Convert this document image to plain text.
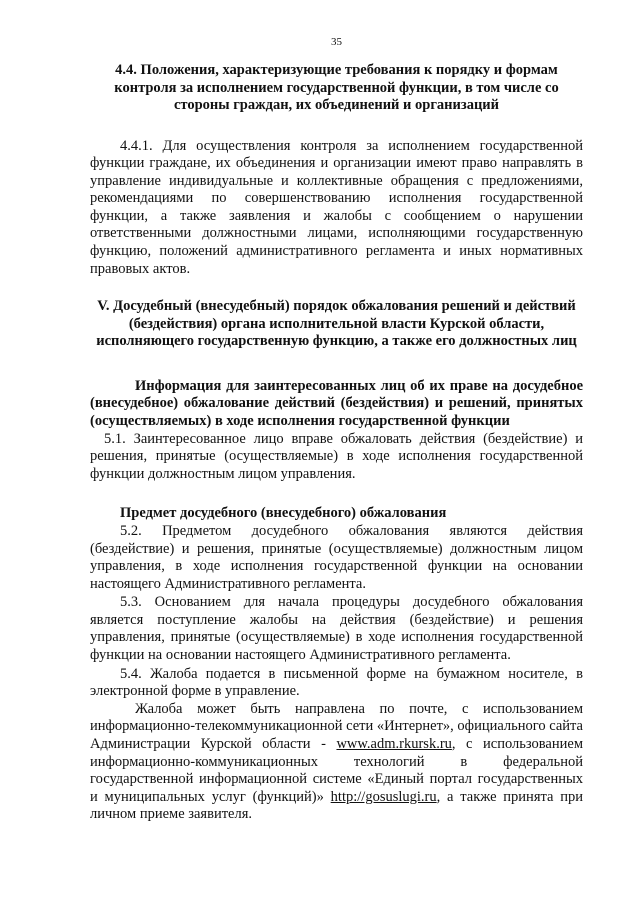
35
4.4. Положения, характеризующие требования к порядку и формам контроля за исполнением государственной функции, в том числе со стороны граждан, их объединений и организаций

4.4.1. Для осуществления контроля за исполнением государственной функции граждане, их объединения и организации имеют право направлять в управление индивидуальные и коллективные обращения с предложениями, рекомендациями по совершенствованию исполнения государственной функции, а также заявления и жалобы с сообщением о нарушении ответственными должностными лицами, исполняющими государственную функцию, положений административного регламента и иных нормативных правовых актов.

V. Досудебный (внесудебный) порядок обжалования решений и действий (бездействия) органа исполнительной власти Курской области, исполняющего государственную функцию, а также его должностных лиц

Информация для заинтересованных лиц об их праве на досудебное (внесудебное) обжалование действий (бездействия) и решений, принятых (осуществляемых) в ходе исполнения государственной функции

5.1. Заинтересованное лицо вправе обжаловать действия (бездействие) и решения, принятые (осуществляемые) в ходе исполнения государственной функции должностным лицом управления.

Предмет досудебного (внесудебного) обжалования

5.2. Предметом досудебного обжалования являются действия (бездействие) и решения, принятые (осуществляемые) должностным лицом управления, в ходе исполнения государственной функции на основании настоящего Административного регламента.

5.3. Основанием для начала процедуры досудебного обжалования является поступление жалобы на действия (бездействие) и решения управления, принятые (осуществляемые) в ходе исполнения государственной функции на основании настоящего Административного регламента.

5.4. Жалоба подается в письменной форме на бумажном носителе, в электронной форме в управление.

Жалоба может быть направлена по почте, с использованием информационно-телекоммуникационной сети «Интернет», официального сайта Администрации Курской области - www.adm.rkursk.ru, с использованием информационно-коммуникационных технологий в федеральной государственной информационной системе «Единый портал государственных и муниципальных услуг (функций)» http://gosuslugi.ru, а также принята при личном приеме заявителя.
